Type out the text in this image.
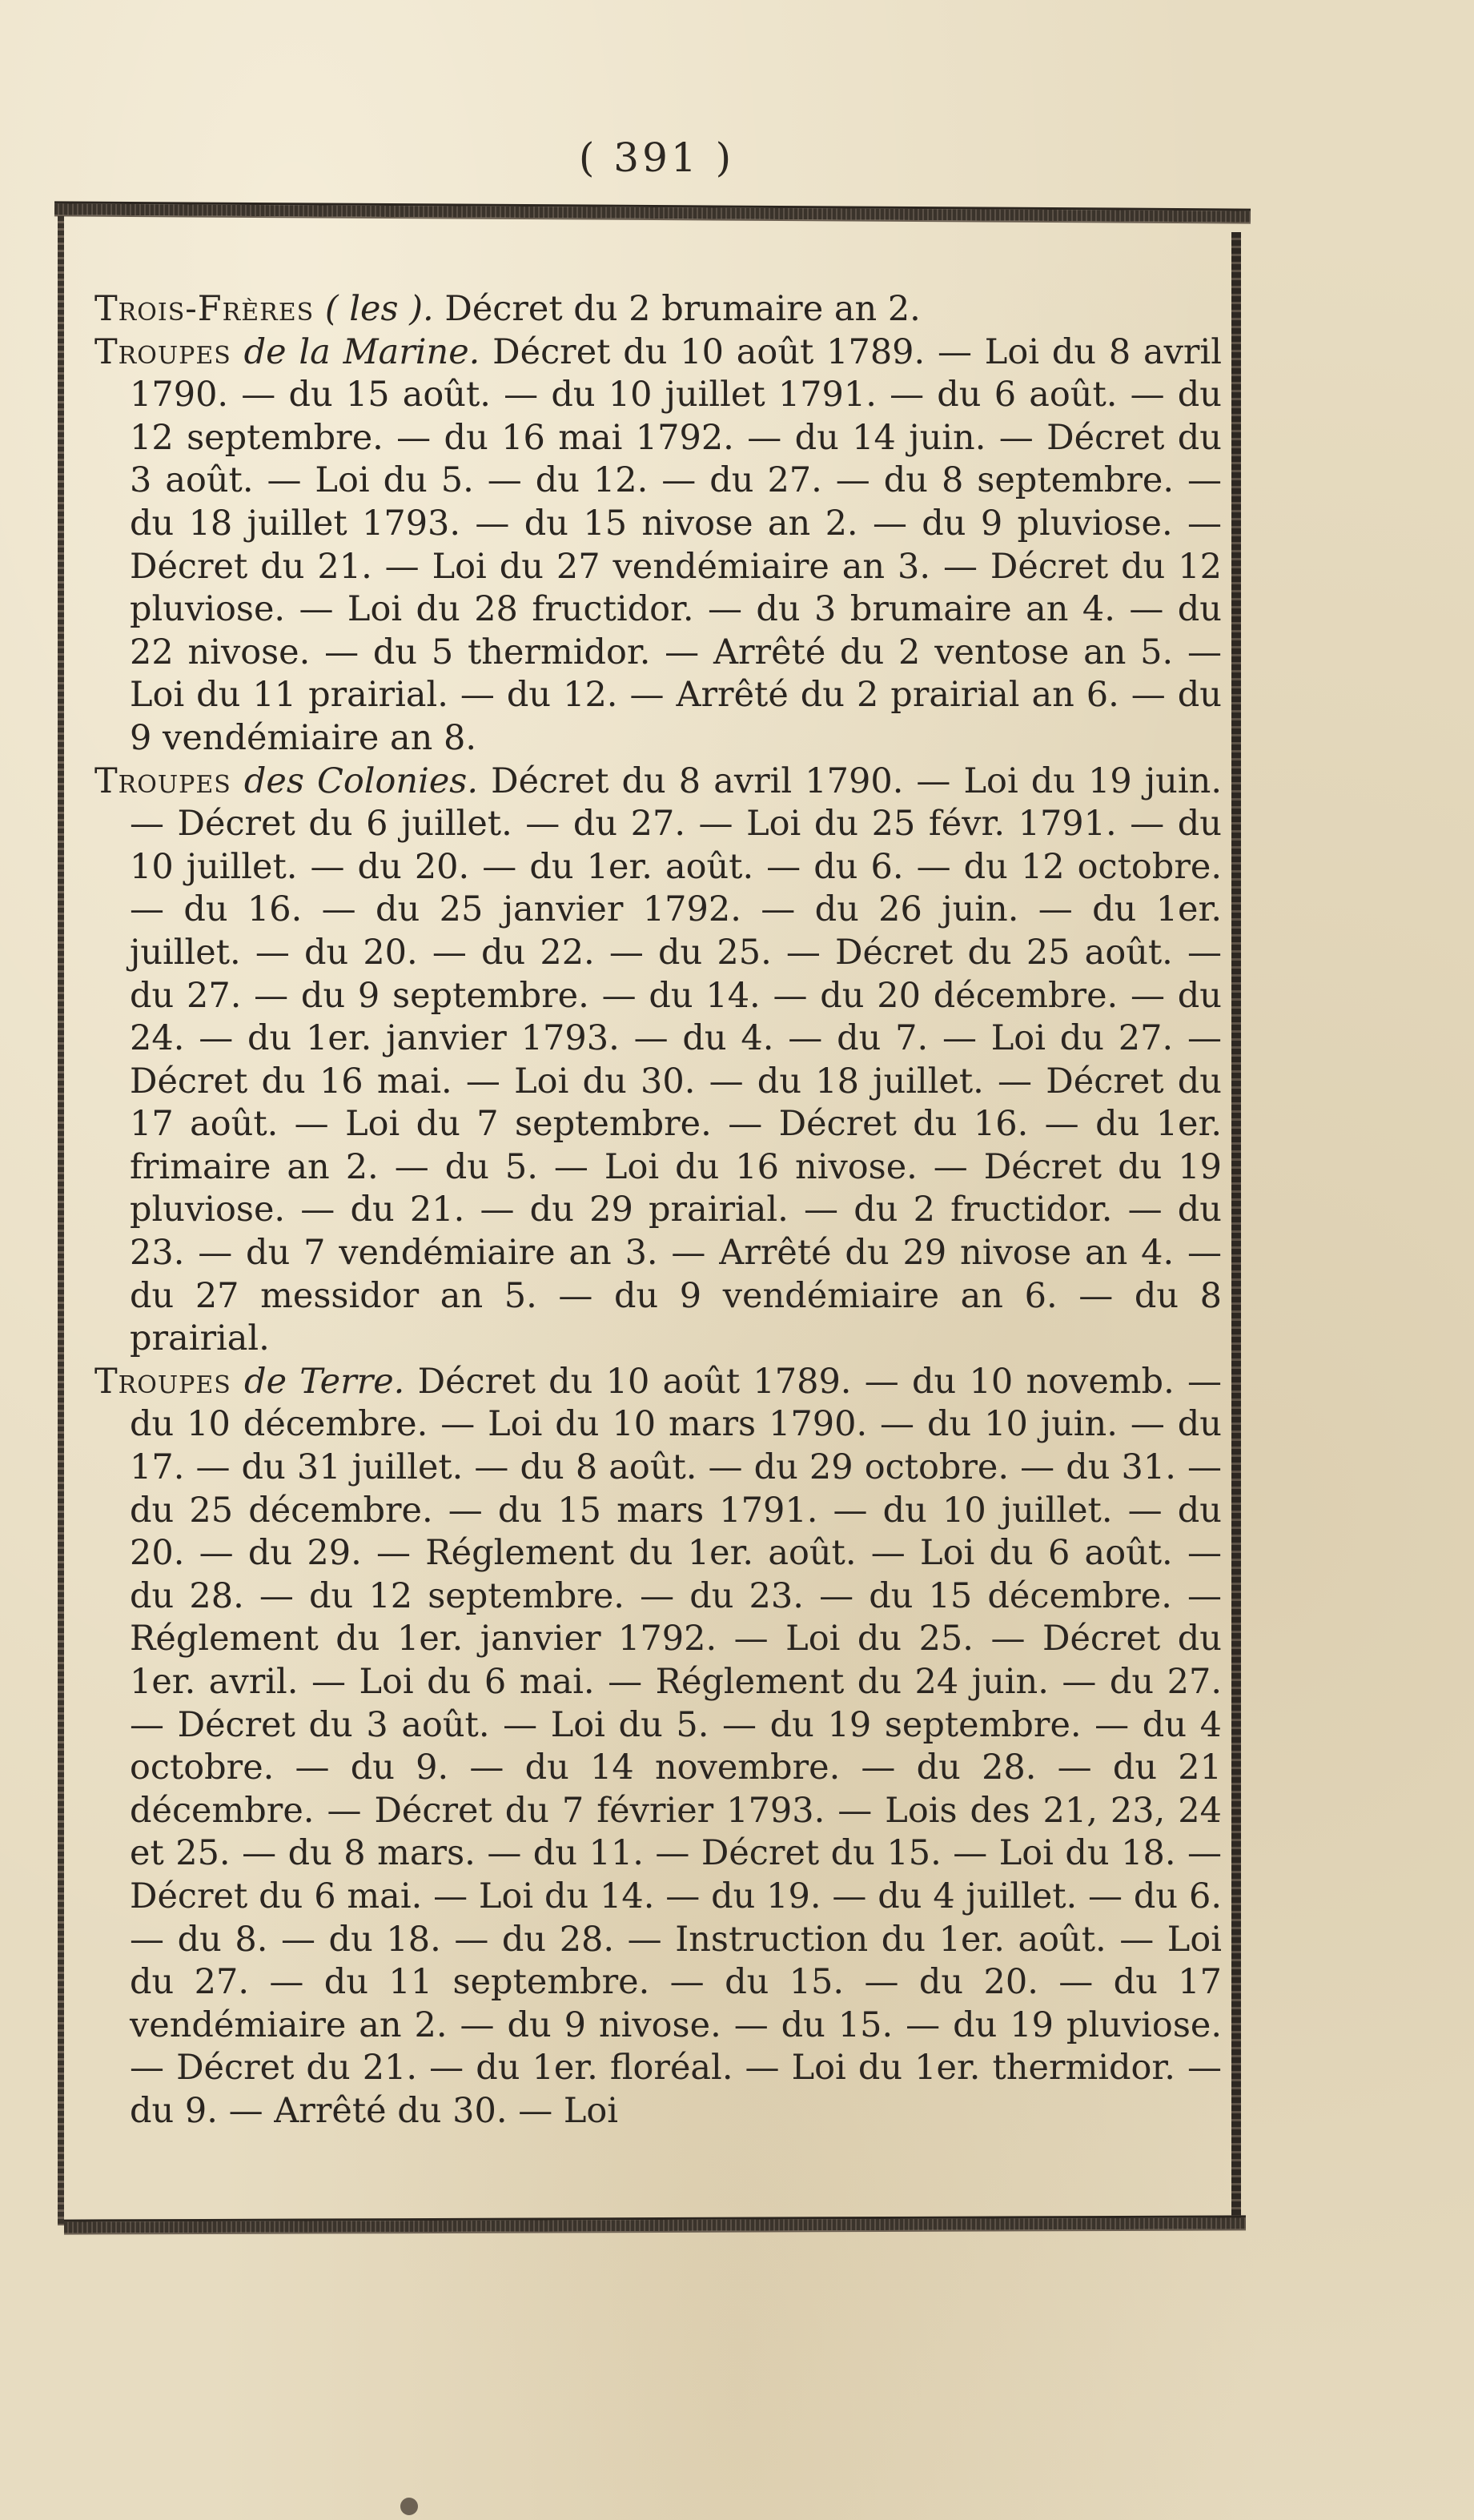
( 391 )

Trois-Frères ( les ). Décret du 2 brumaire an 2.

Troupes de la Marine. Décret du 10 août 1789. — Loi du 8 avril 1790. — du 15 août. — du 10 juillet 1791. — du 6 août. — du 12 septembre. — du 16 mai 1792. — du 14 juin. — Décret du 3 août. — Loi du 5. — du 12. — du 27. — du 8 septembre. — du 18 juillet 1793. — du 15 nivose an 2. — du 9 pluviose. — Décret du 21. — Loi du 27 vendémiaire an 3. — Décret du 12 pluviose. — Loi du 28 fructidor. — du 3 brumaire an 4. — du 22 nivose. — du 5 thermidor. — Arrêté du 2 ventose an 5. — Loi du 11 prairial. — du 12. — Arrêté du 2 prairial an 6. — du 9 vendémiaire an 8.

Troupes des Colonies. Décret du 8 avril 1790. — Loi du 19 juin. — Décret du 6 juillet. — du 27. — Loi du 25 févr. 1791. — du 10 juillet. — du 20. — du 1er. août. — du 6. — du 12 octobre. — du 16. — du 25 janvier 1792. — du 26 juin. — du 1er. juillet. — du 20. — du 22. — du 25. — Décret du 25 août. — du 27. — du 9 septembre. — du 14. — du 20 décembre. — du 24. — du 1er. janvier 1793. — du 4. — du 7. — Loi du 27. — Décret du 16 mai. — Loi du 30. — du 18 juillet. — Décret du 17 août. — Loi du 7 septembre. — Décret du 16. — du 1er. frimaire an 2. — du 5. — Loi du 16 nivose. — Décret du 19 pluviose. — du 21. — du 29 prairial. — du 2 fructidor. — du 23. — du 7 vendémiaire an 3. — Arrêté du 29 nivose an 4. — du 27 messidor an 5. — du 9 vendémiaire an 6. — du 8 prairial.

Troupes de Terre. Décret du 10 août 1789. — du 10 novemb. — du 10 décembre. — Loi du 10 mars 1790. — du 10 juin. — du 17. — du 31 juillet. — du 8 août. — du 29 octobre. — du 31. — du 25 décembre. — du 15 mars 1791. — du 10 juillet. — du 20. — du 29. — Réglement du 1er. août. — Loi du 6 août. — du 28. — du 12 septembre. — du 23. — du 15 décembre. — Réglement du 1er. janvier 1792. — Loi du 25. — Décret du 1er. avril. — Loi du 6 mai. — Réglement du 24 juin. — du 27. — Décret du 3 août. — Loi du 5. — du 19 septembre. — du 4 octobre. — du 9. — du 14 novembre. — du 28. — du 21 décembre. — Décret du 7 février 1793. — Lois des 21, 23, 24 et 25. — du 8 mars. — du 11. — Décret du 15. — Loi du 18. — Décret du 6 mai. — Loi du 14. — du 19. — du 4 juillet. — du 6. — du 8. — du 18. — du 28. — Instruction du 1er. août. — Loi du 27. — du 11 septembre. — du 15. — du 20. — du 17 vendémiaire an 2. — du 9 nivose. — du 15. — du 19 pluviose. — Décret du 21. — du 1er. floréal. — Loi du 1er. thermidor. — du 9. — Arrêté du 30. — Loi
